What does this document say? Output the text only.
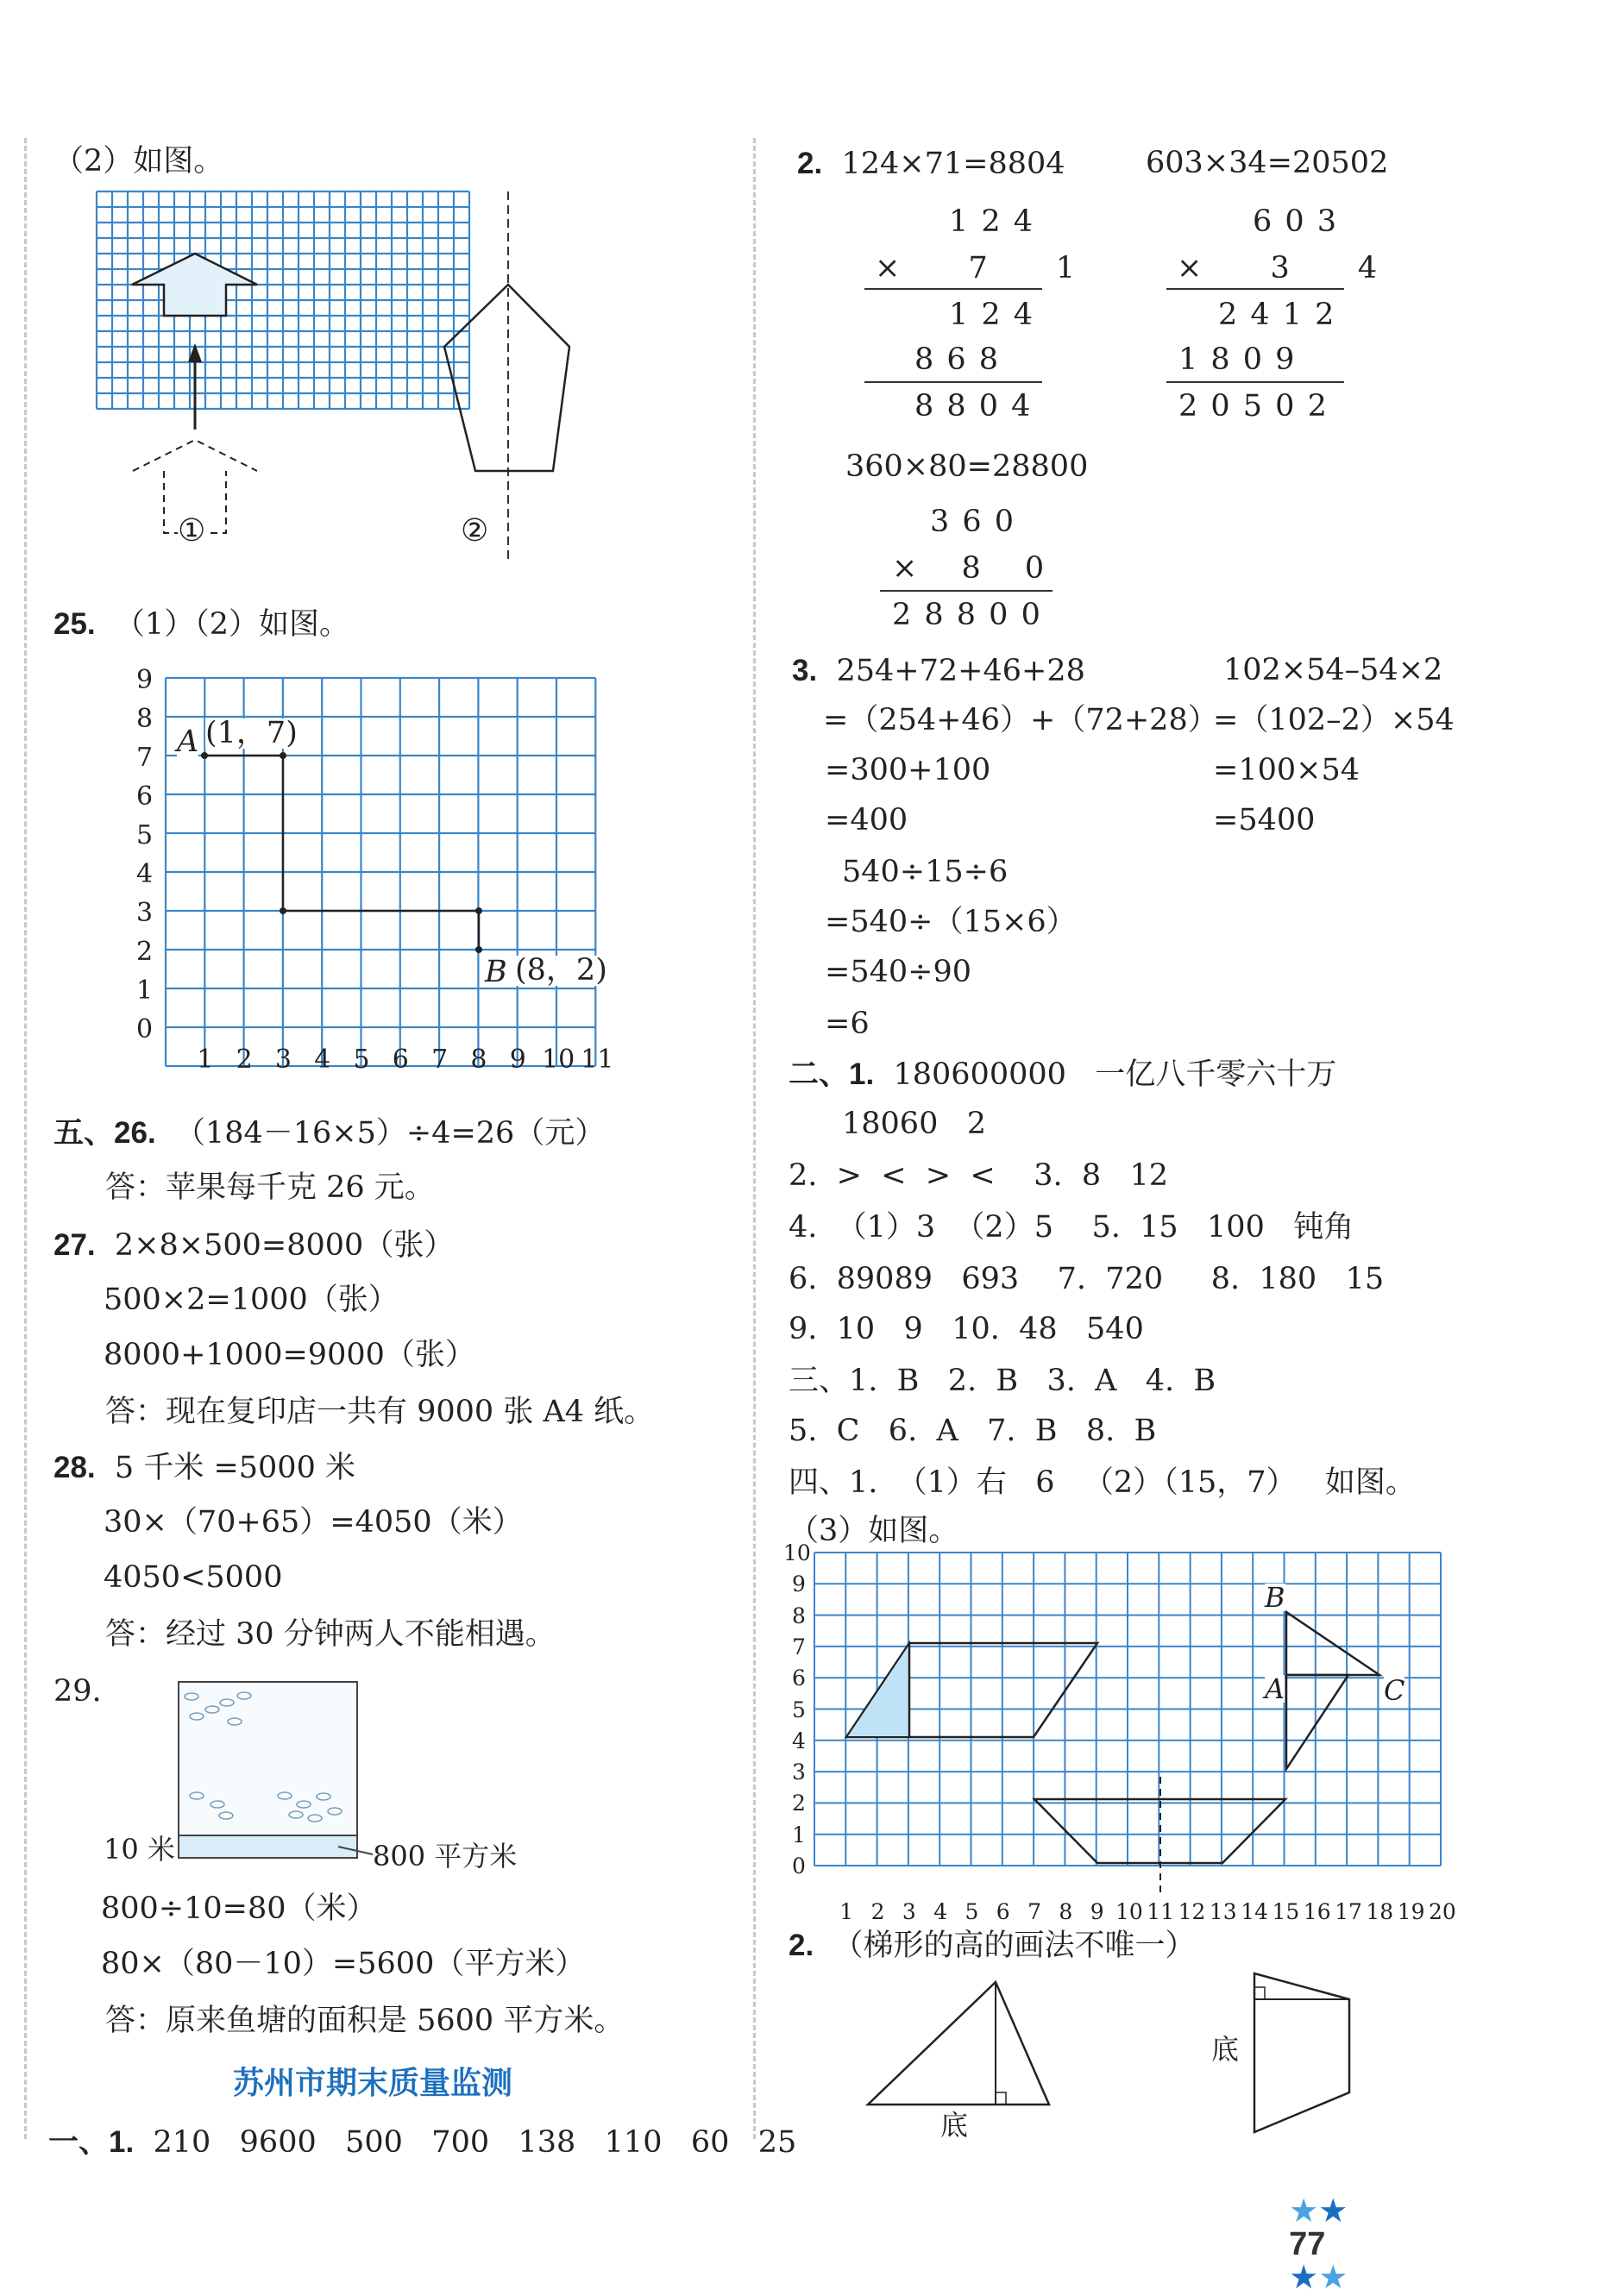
（2）如图。
①	②
25. （1）（2）如图。
9
8
7
6
5
4
3
2
1
0
1 2 3 4 5 6 7 8 9 10 11
A (1，7)
B (8，2)
五、26. （184－16×5）÷4=26（元）
答：苹果每千克 26 元。
27. 2×8×500=8000（张）
500×2=1000（张）
8000+1000=9000（张）
答：现在复印店一共有 9000 张 A4 纸。
28. 5 千米 =5000 米
30×（70+65）=4050（米）
4050<5000
答：经过 30 分钟两人不能相遇。
29.
10 米	800 平方米
800÷10=80（米）
80×（80－10）=5600（平方米）
答：原来鱼塘的面积是 5600 平方米。
苏州市期末质量监测
一、1. 210   9600   500   700   138   110   60   25
2. 124×71=8804	603×34=20502
1 2 4
× 7 1
1 2 4
8 6 8
8 8 0 4
6 0 3
× 3 4
2 4 1 2
1 8 0 9
2 0 5 0 2
360×80=28800
3 6 0
× 8 0
2 8 8 0 0
3. 254+72+46+28
=（254+46）+（72+28）
=300+100
=400
102×54–54×2
=（102–2）×54
=100×54
=5400
540÷15÷6
=540÷（15×6）
=540÷90
=6
二、1. 180600000   一亿八千零六十万
18060   2
2.  >  <  >  <    3.  8   12
4.  （1）3  （2）5    5.  15   100   钝角
6.  89089   693    7.  720     8.  180   15
9.  10   9   10.  48   540
三、1.  B   2.  B   3.  A   4.  B
5.  C   6.  A   7.  B   8.  B
四、1.  （1）右   6   （2）（15，7）   如图。
（3）如图。
10
9
8
7
6
5
4
3
2
1
0
1 2 3 4 5 6 7 8 9 10 11 12 13 14 15 16 17 18 19 20
B
A	C
2. （梯形的高的画法不唯一）
底
底

★★
77
★★
